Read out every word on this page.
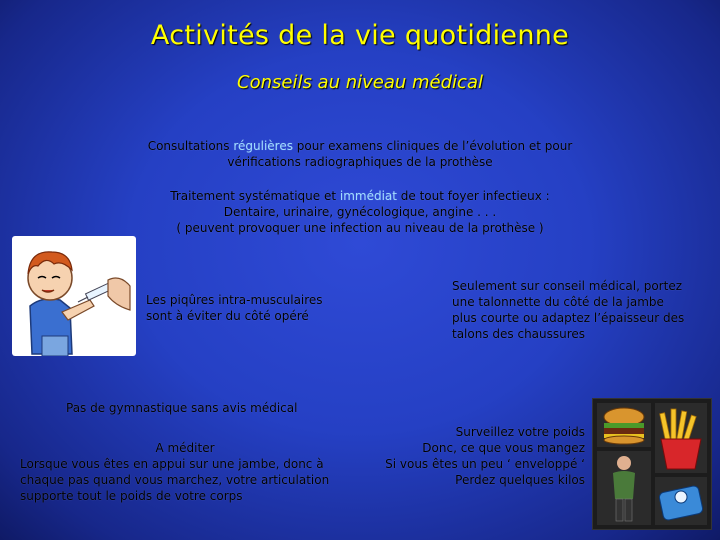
Activités de la vie quotidienne
Conseils au niveau médical
Consultations régulières pour examens cliniques de l’évolution et pour
vérifications radiographiques de la prothèse
Traitement systématique et immédiat de tout foyer infectieux :
Dentaire, urinaire, gynécologique, angine . . .
( peuvent provoquer une infection au niveau de la prothèse )
Les piqûres intra-musculaires
sont à éviter du côté opéré
Seulement sur conseil médical, portez
une talonnette du côté de la jambe
plus courte ou adaptez l’épaisseur des
talons des chaussures
Pas de gymnastique sans avis médical
A méditer
Lorsque vous êtes en appui sur une jambe, donc à
chaque pas quand vous marchez, votre articulation
supporte tout le poids de votre corps
Surveillez votre poids
Donc, ce que vous mangez
Si vous êtes un peu ‘ enveloppé ‘
Perdez quelques kilos
